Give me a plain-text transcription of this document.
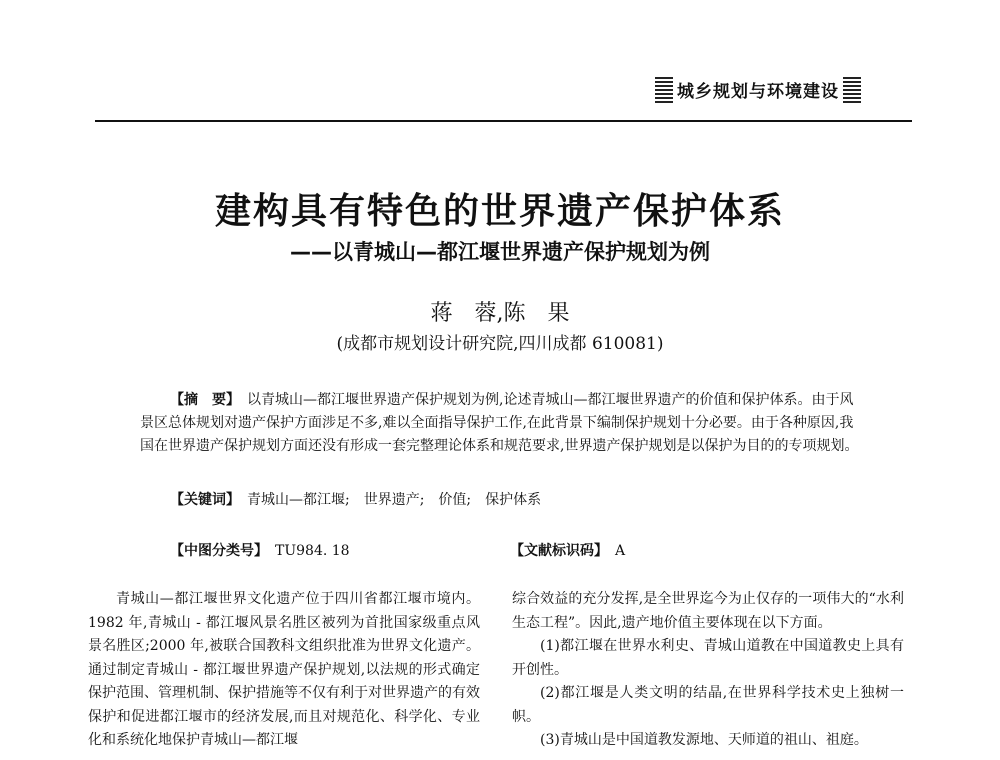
城乡规划与环境建设
建构具有特色的世界遗产保护体系
——以青城山—都江堰世界遗产保护规划为例
蒋　蓉,陈　果
(成都市规划设计研究院,四川成都 610081)
【摘　要】　 以青城山—都江堰世界遗产保护规划为例,论述青城山—都江堰世界遗产的价值和保护体系。由于风景区总体规划对遗产保护方面涉足不多,难以全面指导保护工作,在此背景下编制保护规划十分必要。由于各种原因,我国在世界遗产保护规划方面还没有形成一套完整理论体系和规范要求,世界遗产保护规划是以保护为目的的专项规划。
【关键词】　 青城山—都江堰;　世界遗产;　价值;　保护体系
【中图分类号】　 TU984. 18	【文献标识码】　 A

青城山—都江堰世界文化遗产位于四川省都江堰市境内。1982 年,青城山 - 都江堰风景名胜区被列为首批国家级重点风景名胜区;2000 年,被联合国教科文组织批准为世界文化遗产。通过制定青城山 - 都江堰世界遗产保护规划,以法规的形式确定保护范围、管理机制、保护措施等不仅有利于对世界遗产的有效保护和促进都江堰市的经济发展,而且对规范化、科学化、专业化和系统化地保护青城山—都江堰

综合效益的充分发挥,是全世界迄今为止仅存的一项伟大的“水利生态工程”。因此,遗产地价值主要体现在以下方面。

(1)都江堰在世界水利史、青城山道教在中国道教史上具有开创性。

(2)都江堰是人类文明的结晶,在世界科学技术史上独树一帜。

(3)青城山是中国道教发源地、天师道的祖山、祖庭。
